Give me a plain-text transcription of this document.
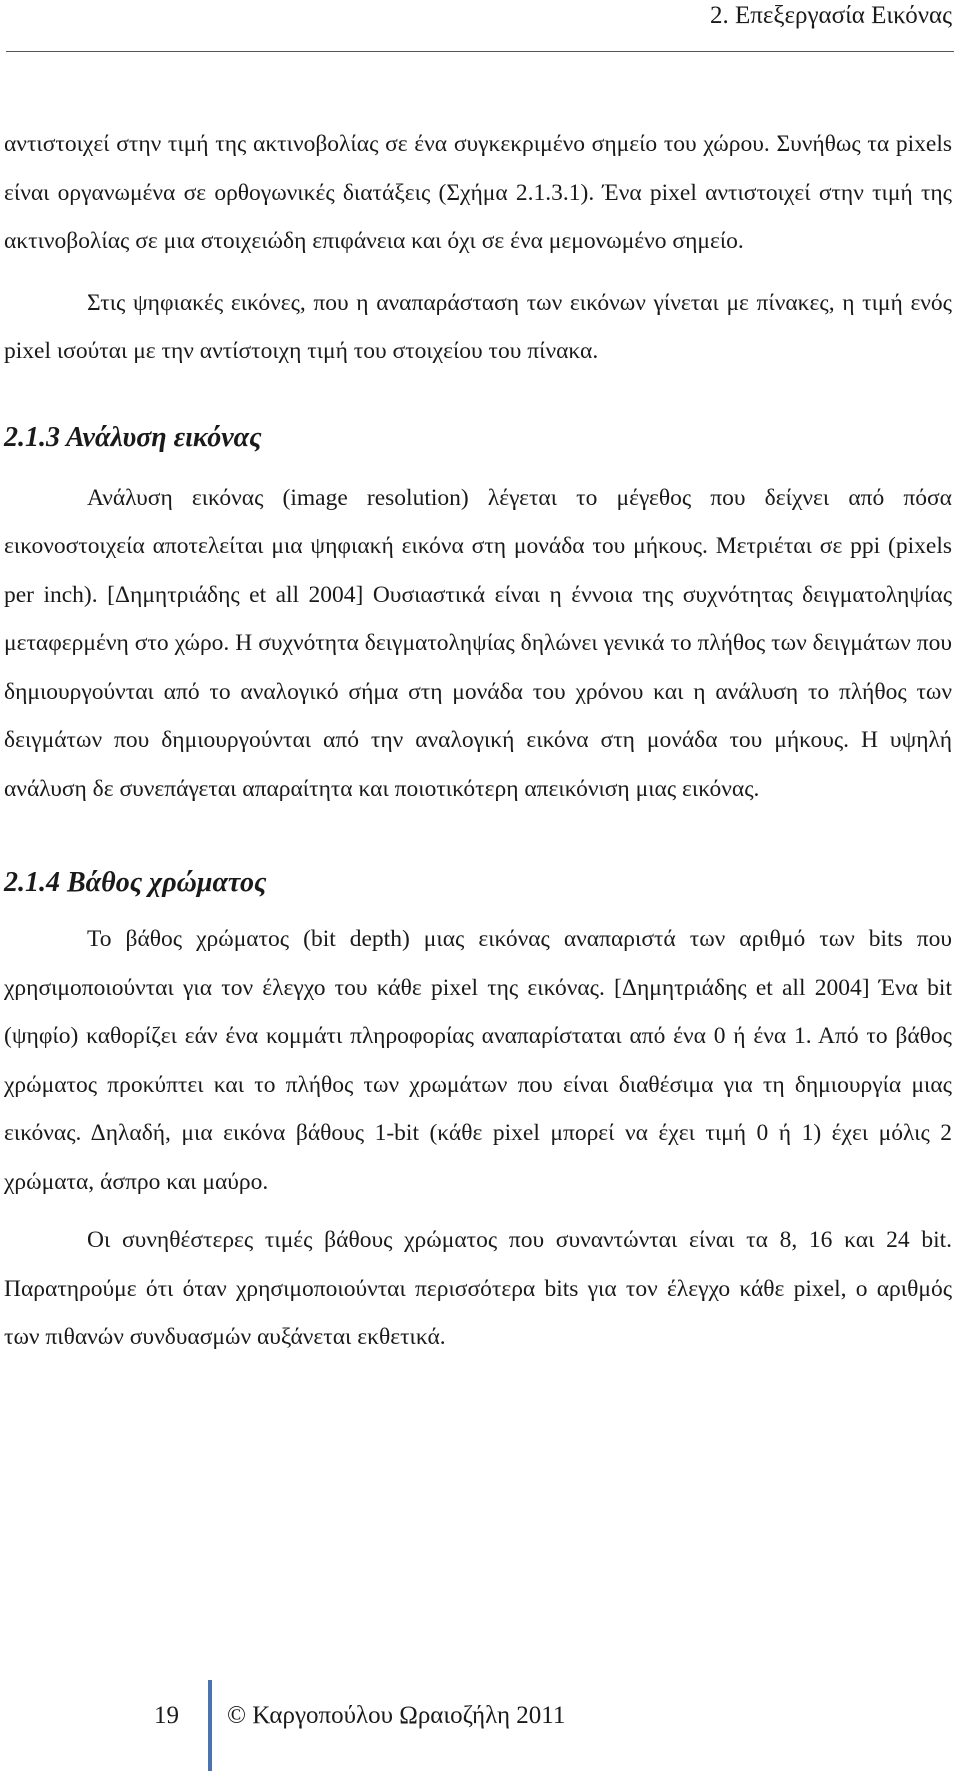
2. Επεξεργασία Εικόνας

αντιστοιχεί στην τιμή της ακτινοβολίας σε ένα συγκεκριμένο σημείο του χώρου. Συνήθως τα pixels είναι οργανωμένα σε ορθογωνικές διατάξεις (Σχήμα 2.1.3.1). Ένα pixel αντιστοιχεί στην τιμή της ακτινοβολίας σε μια στοιχειώδη επιφάνεια και όχι σε ένα μεμονωμένο σημείο.

Στις ψηφιακές εικόνες, που η αναπαράσταση των εικόνων γίνεται με πίνακες, η τιμή ενός pixel ισούται με την αντίστοιχη τιμή του στοιχείου του πίνακα.

2.1.3 Ανάλυση εικόνας

Ανάλυση εικόνας (image resolution) λέγεται το μέγεθος που δείχνει από πόσα εικονοστοιχεία αποτελείται μια ψηφιακή εικόνα στη μονάδα του μήκους. Μετριέται σε ppi (pixels per inch). [Δημητριάδης et all 2004] Ουσιαστικά είναι η έννοια της συχνότητας δειγματοληψίας μεταφερμένη στο χώρο. Η συχνότητα δειγματοληψίας δηλώνει γενικά το πλήθος των δειγμάτων που δημιουργούνται από το αναλογικό σήμα στη μονάδα του χρόνου και η ανάλυση το πλήθος των δειγμάτων που δημιουργούνται από την αναλογική εικόνα στη μονάδα του μήκους. Η υψηλή ανάλυση δε συνεπάγεται απαραίτητα και ποιοτικότερη απεικόνιση μιας εικόνας.

2.1.4 Βάθος χρώματος

Το βάθος χρώματος (bit depth) μιας εικόνας αναπαριστά των αριθμό των bits που χρησιμοποιούνται για τον έλεγχο του κάθε pixel της εικόνας. [Δημητριάδης et all 2004] Ένα bit (ψηφίο) καθορίζει εάν ένα κομμάτι πληροφορίας αναπαρίσταται από ένα 0 ή ένα 1. Από το βάθος χρώματος προκύπτει και το πλήθος των χρωμάτων που είναι διαθέσιμα για τη δημιουργία μιας εικόνας. Δηλαδή, μια εικόνα βάθους 1-bit (κάθε pixel μπορεί να έχει τιμή 0 ή 1) έχει μόλις 2 χρώματα, άσπρο και μαύρο.

Οι συνηθέστερες τιμές βάθους χρώματος που συναντώνται είναι τα 8, 16 και 24 bit. Παρατηρούμε ότι όταν χρησιμοποιούνται περισσότερα bits για τον έλεγχο κάθε pixel, ο αριθμός των πιθανών συνδυασμών αυξάνεται εκθετικά.

19 © Καργοπούλου Ωραιοζήλη 2011
